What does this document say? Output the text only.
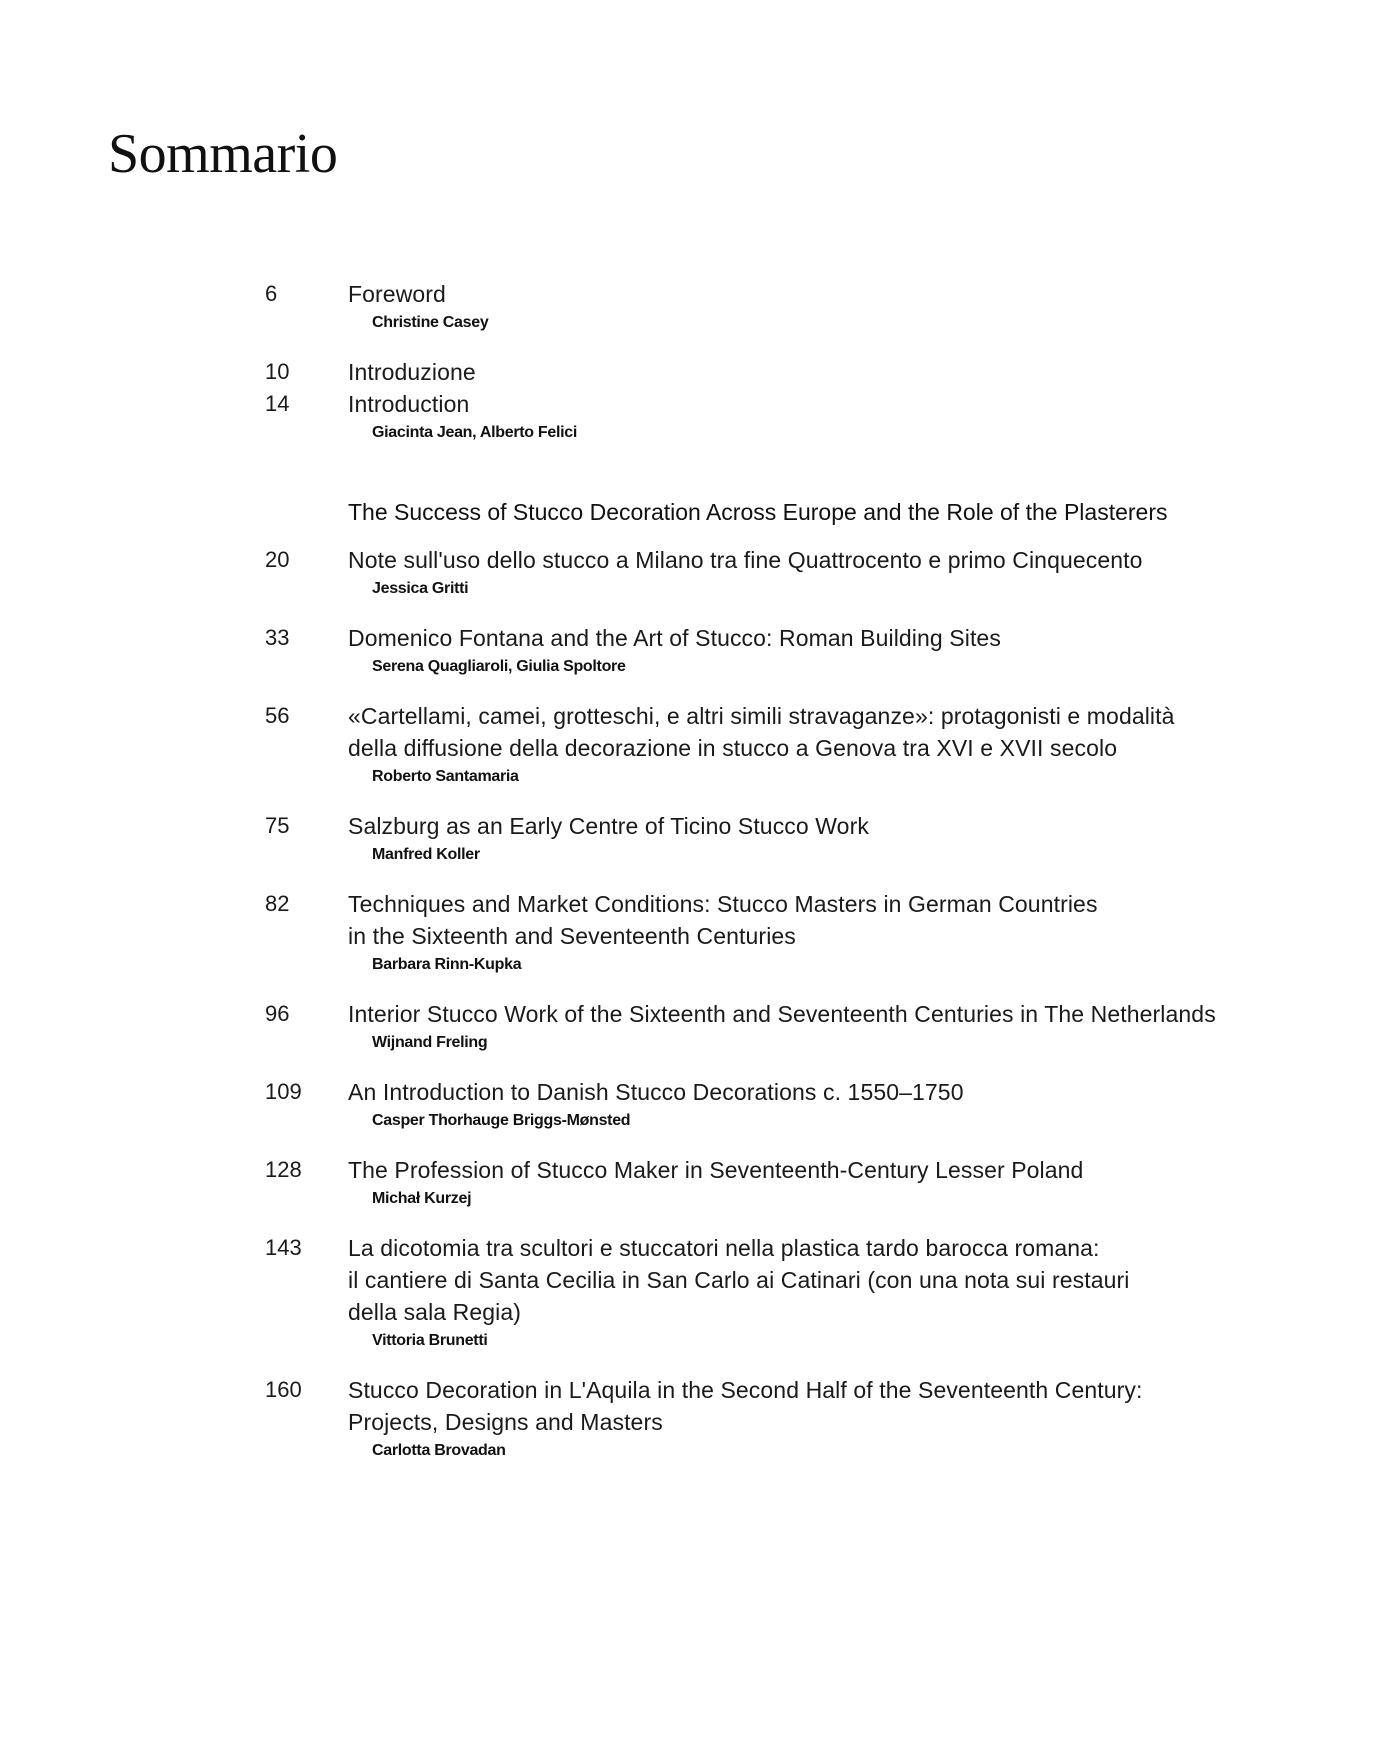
Sommario
6	Foreword
Christine Casey
10	Introduzione
14	Introduction
Giacinta Jean, Alberto Felici
The Success of Stucco Decoration Across Europe and the Role of the Plasterers
20	Note sull'uso dello stucco a Milano tra fine Quattrocento e primo Cinquecento
Jessica Gritti
33	Domenico Fontana and the Art of Stucco: Roman Building Sites
Serena Quagliaroli, Giulia Spoltore
56	«Cartellami, camei, grotteschi, e altri simili stravaganze»: protagonisti e modalità
della diffusione della decorazione in stucco a Genova tra XVI e XVII secolo
Roberto Santamaria
75	Salzburg as an Early Centre of Ticino Stucco Work
Manfred Koller
82	Techniques and Market Conditions: Stucco Masters in German Countries
in the Sixteenth and Seventeenth Centuries
Barbara Rinn-Kupka
96	Interior Stucco Work of the Sixteenth and Seventeenth Centuries in The Netherlands
Wijnand Freling
109	An Introduction to Danish Stucco Decorations c. 1550–1750
Casper Thorhauge Briggs-Mønsted
128	The Profession of Stucco Maker in Seventeenth-Century Lesser Poland
Michał Kurzej
143	La dicotomia tra scultori e stuccatori nella plastica tardo barocca romana:
il cantiere di Santa Cecilia in San Carlo ai Catinari (con una nota sui restauri
della sala Regia)
Vittoria Brunetti
160	Stucco Decoration in L'Aquila in the Second Half of the Seventeenth Century:
Projects, Designs and Masters
Carlotta Brovadan
